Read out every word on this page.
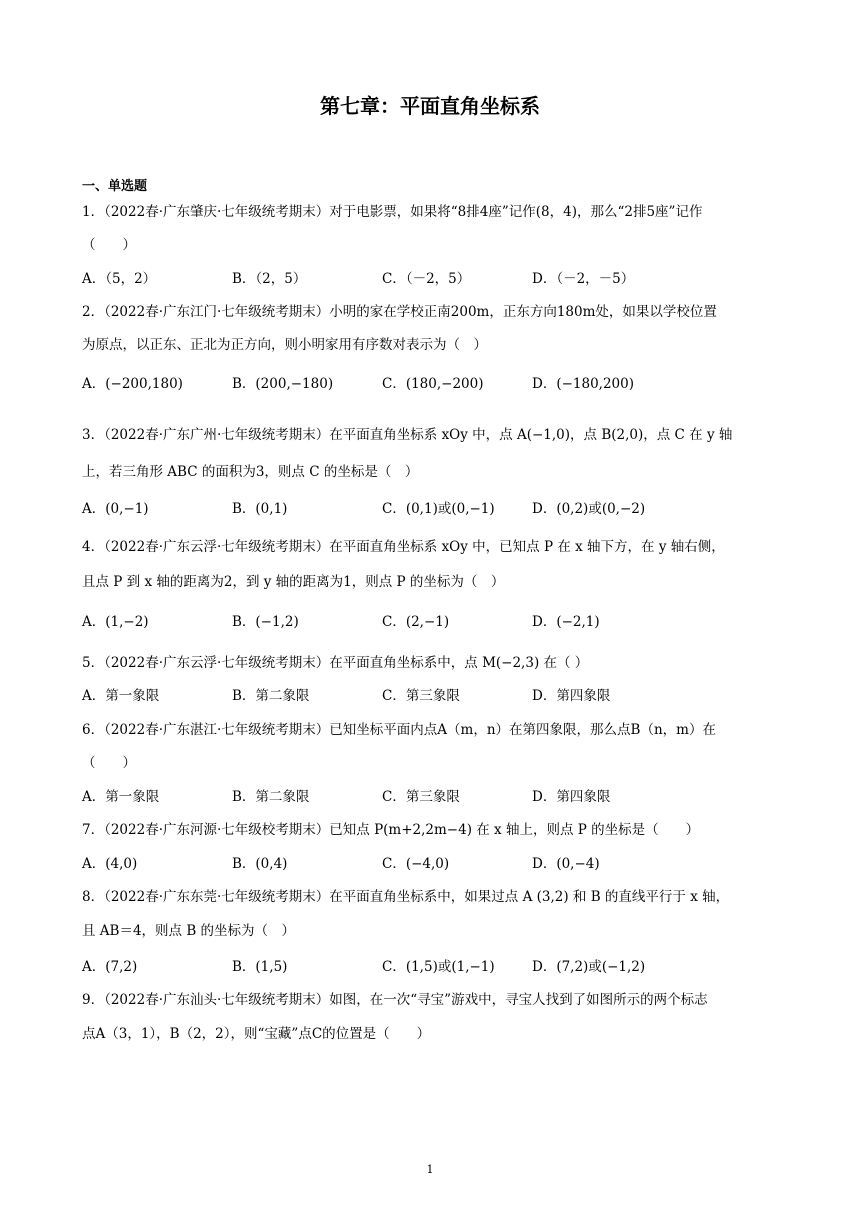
第七章：平面直角坐标系
一、单选题
1．（2022春·广东肇庆·七年级统考期末）对于电影票，如果将“8排4座”记作(8，4)，那么“2排5座”记作
（　　）
A．（5，2）	B．（2，5）	C．（－2，5）	D．（－2，－5）
2．（2022春·广东江门·七年级统考期末）小明的家在学校正南200m，正东方向180m处，如果以学校位置
为原点，以正东、正北为正方向，则小明家用有序数对表示为（　）
A．(−200,180)	B．(200,−180)	C．(180,−200)	D．(−180,200)
3．（2022春·广东广州·七年级统考期末）在平面直角坐标系 xOy 中，点 A(−1,0)，点 B(2,0)，点 C 在 y 轴
上，若三角形 ABC 的面积为3，则点 C 的坐标是（　）
A．(0,−1)	B．(0,1)	C．(0,1)或(0,−1)	D．(0,2)或(0,−2)
4．（2022春·广东云浮·七年级统考期末）在平面直角坐标系 xOy 中，已知点 P 在 x 轴下方，在 y 轴右侧，
且点 P 到 x 轴的距离为2，到 y 轴的距离为1，则点 P 的坐标为（　）
A．(1,−2)	B．(−1,2)	C．(2,−1)	D．(−2,1)
5．（2022春·广东云浮·七年级统考期末）在平面直角坐标系中，点 M(−2,3) 在（ ）
A．第一象限	B．第二象限	C．第三象限	D．第四象限
6．（2022春·广东湛江·七年级统考期末）已知坐标平面内点A（m，n）在第四象限，那么点B（n，m）在
（　　）
A．第一象限	B．第二象限	C．第三象限	D．第四象限
7．（2022春·广东河源·七年级校考期末）已知点 P(m+2,2m−4) 在 x 轴上，则点 P 的坐标是（　　）
A．(4,0)	B．(0,4)	C．(−4,0)	D．(0,−4)
8．（2022春·广东东莞·七年级统考期末）在平面直角坐标系中，如果过点 A (3,2) 和 B 的直线平行于 x 轴，
且 AB＝4，则点 B 的坐标为（　）
A．(7,2)	B．(1,5)	C．(1,5)或(1,−1)	D．(7,2)或(−1,2)
9．（2022春·广东汕头·七年级统考期末）如图，在一次“寻宝”游戏中，寻宝人找到了如图所示的两个标志
点A（3，1），B（2，2），则“宝藏”点C的位置是（　　）
1
